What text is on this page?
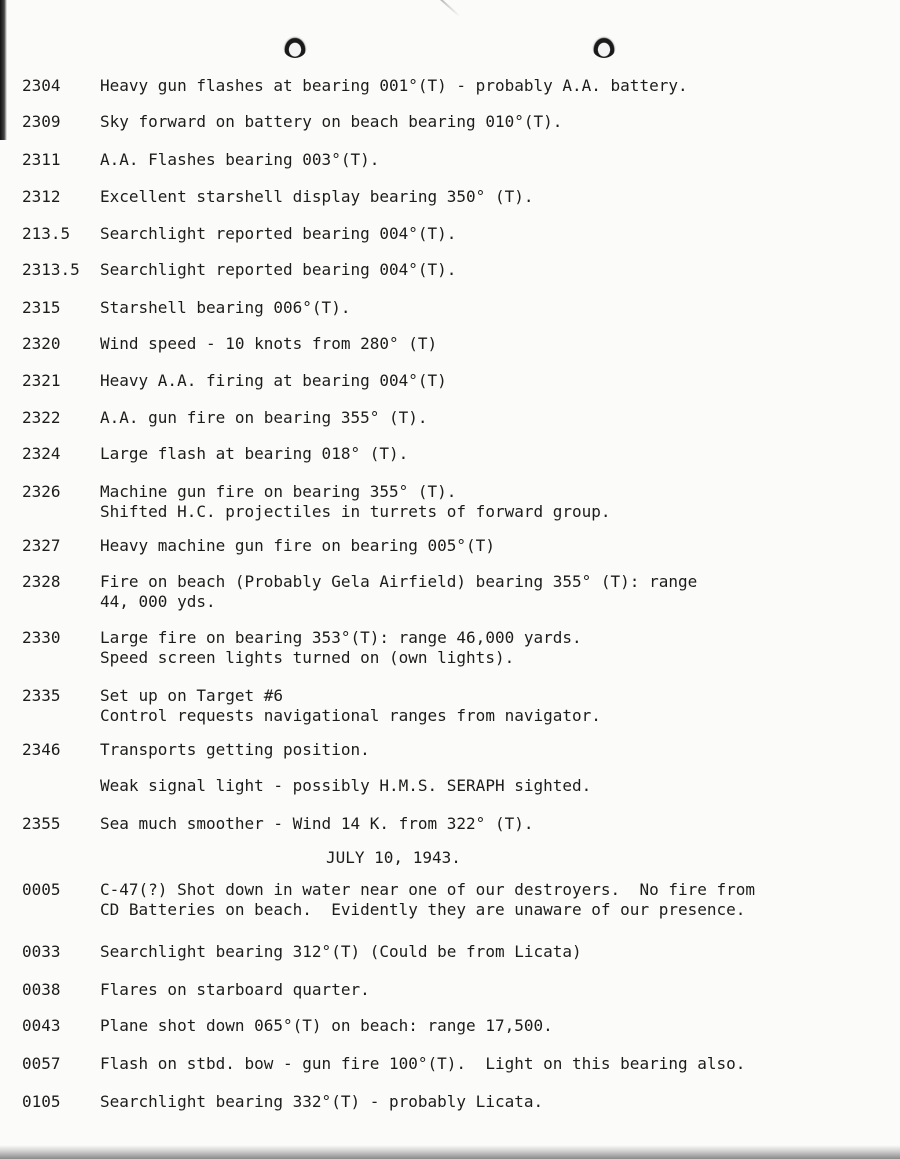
2304	Heavy gun flashes at bearing 001°(T) - probably A.A. battery.
2309	Sky forward on battery on beach bearing 010°(T).
2311	A.A. Flashes bearing 003°(T).
2312	Excellent starshell display bearing 350° (T).
213.5	Searchlight reported bearing 004°(T).
2313.5	Searchlight reported bearing 004°(T).
2315	Starshell bearing 006°(T).
2320	Wind speed - 10 knots from 280° (T)
2321	Heavy A.A. firing at bearing 004°(T)
2322	A.A. gun fire on bearing 355° (T).
2324	Large flash at bearing 018° (T).
2326	Machine gun fire on bearing 355° (T).
Shifted H.C. projectiles in turrets of forward group.
2327	Heavy machine gun fire on bearing 005°(T)
2328	Fire on beach (Probably Gela Airfield) bearing 355° (T): range
44, 000 yds.
2330	Large fire on bearing 353°(T): range 46,000 yards.
Speed screen lights turned on (own lights).
2335	Set up on Target #6
Control requests navigational ranges from navigator.
2346	Transports getting position.
Weak signal light - possibly H.M.S. SERAPH sighted.
2355	Sea much smoother - Wind 14 K. from 322° (T).
JULY 10, 1943.
0005	C-47(?) Shot down in water near one of our destroyers.  No fire from
CD Batteries on beach.  Evidently they are unaware of our presence.
0033	Searchlight bearing 312°(T) (Could be from Licata)
0038	Flares on starboard quarter.
0043	Plane shot down 065°(T) on beach: range 17,500.
0057	Flash on stbd. bow - gun fire 100°(T).  Light on this bearing also.
0105	Searchlight bearing 332°(T) - probably Licata.
